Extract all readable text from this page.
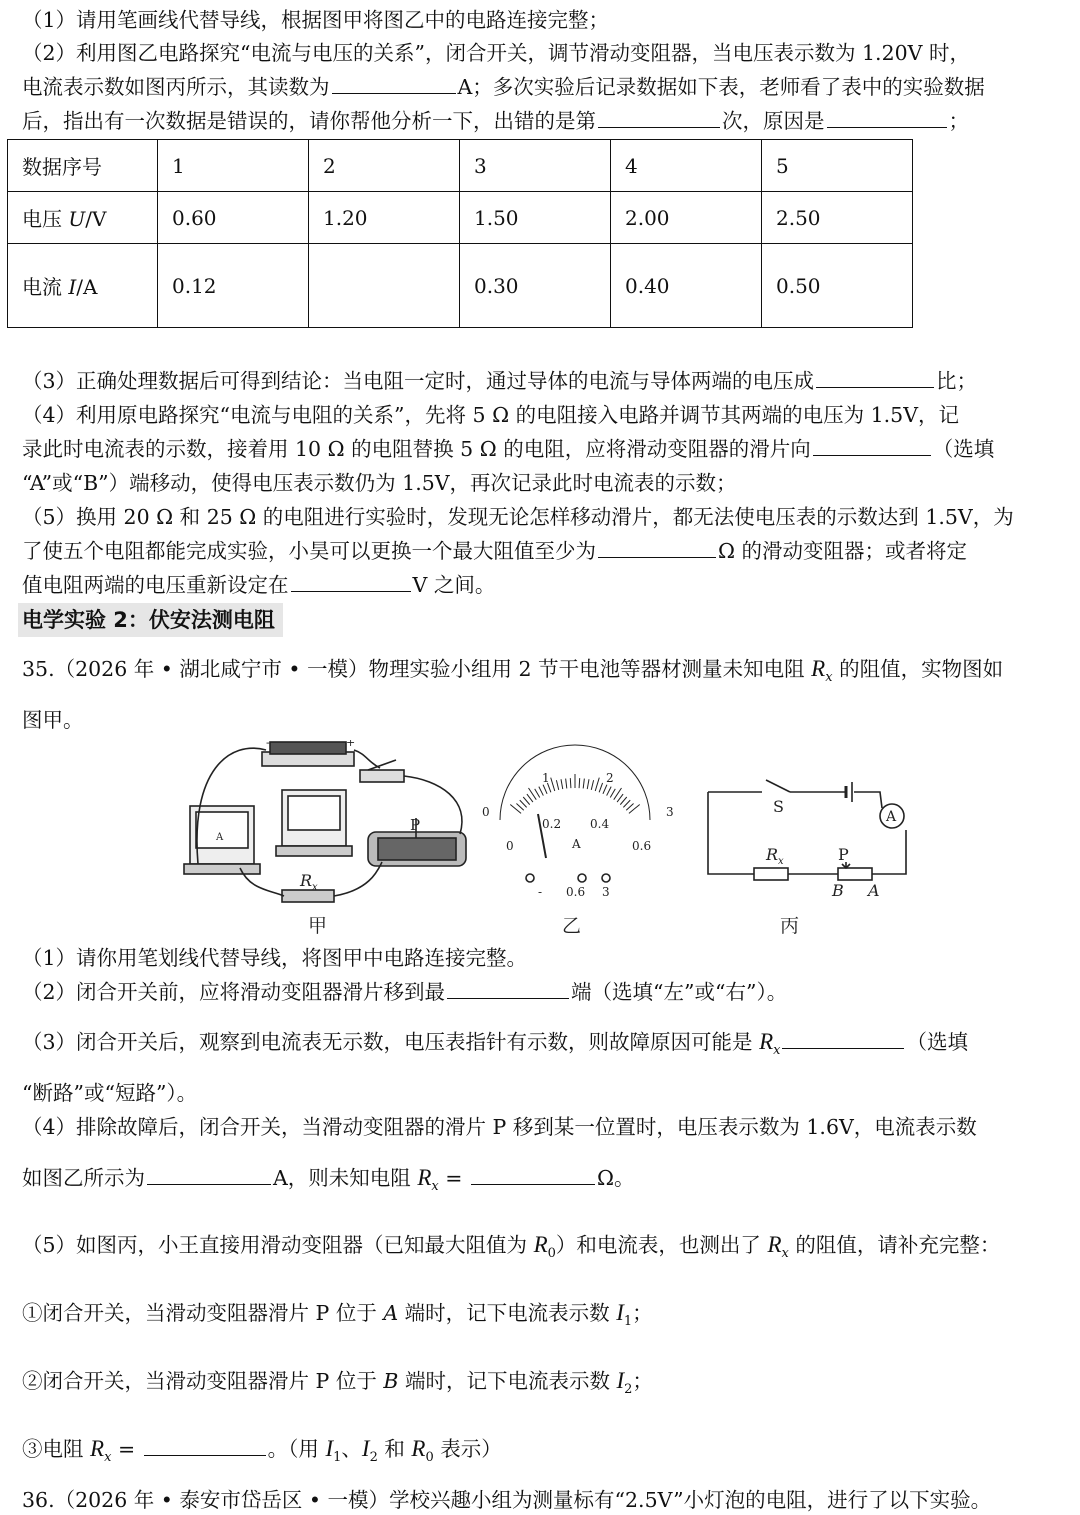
（1）请用笔画线代替导线，根据图甲将图乙中的电路连接完整；
（2）利用图乙电路探究“电流与电压的关系”，闭合开关，调节滑动变阻器，当电压表示数为 1.20V 时，
电流表示数如图丙所示，其读数为	A；多次实验后记录数据如下表，老师看了表中的实验数据
后，指出有一次数据是错误的，请你帮他分析一下，出错的是第	次，原因是	；
数据序号	1	2	3	4	5
电压 U/V	0.60	1.20	1.50	2.00	2.50
电流 I/A	0.12		0.30	0.40	0.50
（3）正确处理数据后可得到结论：当电阻一定时，通过导体的电流与导体两端的电压成	比；
（4）利用原电路探究“电流与电阻的关系”，先将 5 Ω 的电阻接入电路并调节其两端的电压为 1.5V，记
录此时电流表的示数，接着用 10 Ω 的电阻替换 5 Ω 的电阻，应将滑动变阻器的滑片向	（选填
“A”或“B”）端移动，使得电压表示数仍为 1.5V，再次记录此时电流表的示数；
（5）换用 20 Ω 和 25 Ω 的电阻进行实验时，发现无论怎样移动滑片，都无法使电压表的示数达到 1.5V，为
了使五个电阻都能完成实验，小昊可以更换一个最大阻值至少为	Ω 的滑动变阻器；或者将定
值电阻两端的电压重新设定在	V 之间。
电学实验 2：伏安法测电阻
35.（2026 年 • 湖北咸宁市 • 一模）物理实验小组用 2 节干电池等器材测量未知电阻 $R_x$ 的阻值，实物图如
图甲。
-	+
A
P
$R_x$
甲
0
1	2
3
0
0.2 0.4
0.6
A
- 0.6 3
乙
A
S
$R_x$	P
B A
丙
（1）请你用笔划线代替导线，将图甲中电路连接完整。
（2）闭合开关前，应将滑动变阻器滑片移到最	端（选填“左”或“右”）。
（3）闭合开关后，观察到电流表无示数，电压表指针有示数，则故障原因可能是 $R_x$	（选填
“断路”或“短路”）。
（4）排除故障后，闭合开关，当滑动变阻器的滑片 P 移到某一位置时，电压表示数为 1.6V，电流表示数
如图乙所示为	A，则未知电阻 $R_x$ =	Ω。
（5）如图丙，小王直接用滑动变阻器（已知最大阻值为 $R_0$）和电流表，也测出了 $R_x$ 的阻值，请补充完整：
①闭合开关，当滑动变阻器滑片 P 位于 A 端时，记下电流表示数 $I_1$；
②闭合开关，当滑动变阻器滑片 P 位于 B 端时，记下电流表示数 $I_2$；
③电阻 $R_x$ =	。（用 $I_1$、$I_2$ 和 $R_0$ 表示）
36.（2026 年 • 泰安市岱岳区 • 一模）学校兴趣小组为测量标有“2.5V”小灯泡的电阻，进行了以下实验。
